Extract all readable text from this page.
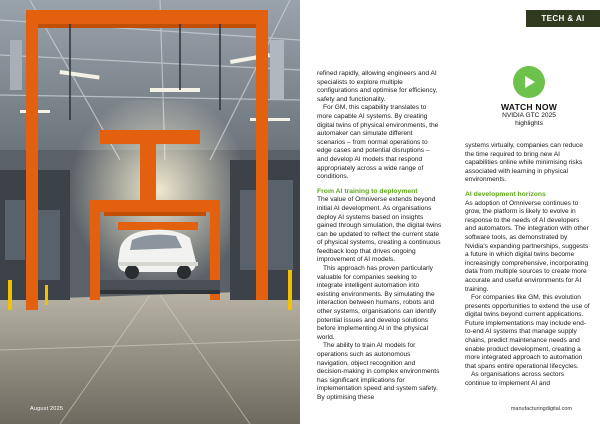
August 2025
TECH & AI

refined rapidly, allowing engineers and AI specialists to explore multiple configurations and optimise for efficiency, safety and functionality.

For GM, this capability translates to more capable AI systems. By creating digital twins of physical environments, the automaker can simulate different scenarios – from normal operations to edge cases and potential disruptions – and develop AI models that respond appropriately across a wide range of conditions.

From AI training to deployment

The value of Omniverse extends beyond initial AI development. As organisations deploy AI systems based on insights gained through simulation, the digital twins can be updated to reflect the current state of physical systems, creating a continuous feedback loop that drives ongoing improvement of AI models.

This approach has proven particularly valuable for companies seeking to integrate intelligent automation into existing environments. By simulating the interaction between humans, robots and other systems, organisations can identify potential issues and develop solutions before implementing AI in the physical world.

The ability to train AI models for operations such as autonomous navigation, object recognition and decision-making in complex environments has significant implications for implementation speed and system safety. By optimising these

WATCH NOW
NVIDIA GTC 2025
highlights

systems virtually, companies can reduce the time required to bring new AI capabilities online while minimising risks associated with learning in physical environments.

AI development horizons

As adoption of Omniverse continues to grow, the platform is likely to evolve in response to the needs of AI developers and automators. The integration with other software tools, as demonstrated by Nvidia's expanding partnerships, suggests a future in which digital twins become increasingly comprehensive, incorporating data from multiple sources to create more accurate and useful environments for AI training.

For companies like GM, this evolution presents opportunities to extend the use of digital twins beyond current applications. Future implementations may include end-to-end AI systems that manage supply chains, predict maintenance needs and enable product development, creating a more integrated approach to automation that spans entire operational lifecycles.

As organisations across sectors continue to implement AI and

manufacturingdigital.com
